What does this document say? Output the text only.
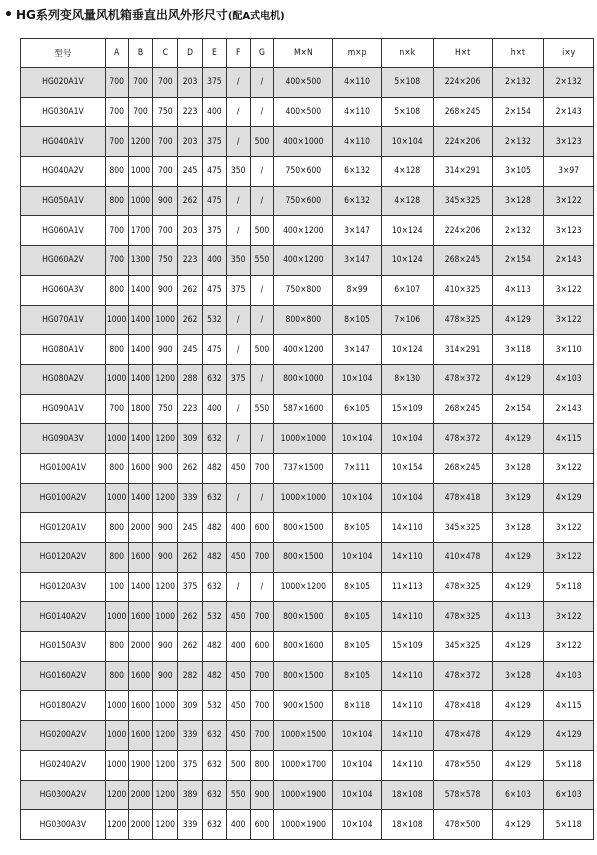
• HG系列变风量风机箱垂直出风外形尺寸(配A式电机)
型号	A	B	C	D	E	F	G	M×N	m×p	n×k	H×t	h×t	i×y
HG020A1V	700	700	700	203	375	/	/	400×500	4×110	5×108	224×206	2×132	2×132
HG030A1V	700	700	750	223	400	/	/	400×500	4×110	5×108	268×245	2×154	2×143
HG040A1V	700	1200	700	203	375	/	500	400×1000	4×110	10×104	224×206	2×132	3×123
HG040A2V	800	1000	700	245	475	350	/	750×600	6×132	4×128	314×291	3×105	3×97
HG050A1V	800	1000	900	262	475	/	/	750×600	6×132	4×128	345×325	3×128	3×122
HG060A1V	700	1700	700	203	375	/	500	400×1200	3×147	10×124	224×206	2×132	3×123
HG060A2V	700	1300	750	223	400	350	550	400×1200	3×147	10×124	268×245	2×154	2×143
HG060A3V	800	1400	900	262	475	375	/	750×800	8×99	6×107	410×325	4×113	3×122
HG070A1V	1000	1400	1000	262	532	/	/	800×800	8×105	7×106	478×325	4×129	3×122
HG080A1V	800	1400	900	245	475	/	500	400×1200	3×147	10×124	314×291	3×118	3×110
HG080A2V	1000	1400	1200	288	632	375	/	800×1000	10×104	8×130	478×372	4×129	4×103
HG090A1V	700	1800	750	223	400	/	550	587×1600	6×105	15×109	268×245	2×154	2×143
HG090A3V	1000	1400	1200	309	632	/	/	1000×1000	10×104	10×104	478×372	4×129	4×115
HG0100A1V	800	1600	900	262	482	450	700	737×1500	7×111	10×154	268×245	3×128	3×122
HG0100A2V	1000	1400	1200	339	632	/	/	1000×1000	10×104	10×104	478×418	3×129	4×129
HG0120A1V	800	2000	900	245	482	400	600	800×1500	8×105	14×110	345×325	3×128	3×122
HG0120A2V	800	1600	900	262	482	450	700	800×1500	10×104	14×110	410×478	4×129	3×122
HG0120A3V	100	1400	1200	375	632	/	/	1000×1200	8×105	11×113	478×325	4×129	5×118
HG0140A2V	1000	1600	1000	262	532	450	700	800×1500	8×105	14×110	478×325	4×113	3×122
HG0150A3V	800	2000	900	262	482	400	600	800×1600	8×105	15×109	345×325	4×129	3×122
HG0160A2V	800	1600	900	282	482	450	700	800×1500	8×105	14×110	478×372	3×128	4×103
HG0180A2V	1000	1600	1000	309	532	450	700	900×1500	8×118	14×110	478×418	4×129	4×115
HG0200A2V	1000	1600	1200	339	632	450	700	1000×1500	10×104	14×110	478×478	4×129	4×129
HG0240A2V	1000	1900	1200	375	632	500	800	1000×1700	10×104	14×110	478×550	4×129	5×118
HG0300A2V	1200	2000	1200	389	632	550	900	1000×1900	10×104	18×108	578×578	6×103	6×103
HG0300A3V	1200	2000	1200	339	632	400	600	1000×1900	10×104	18×108	478×500	4×129	5×118
